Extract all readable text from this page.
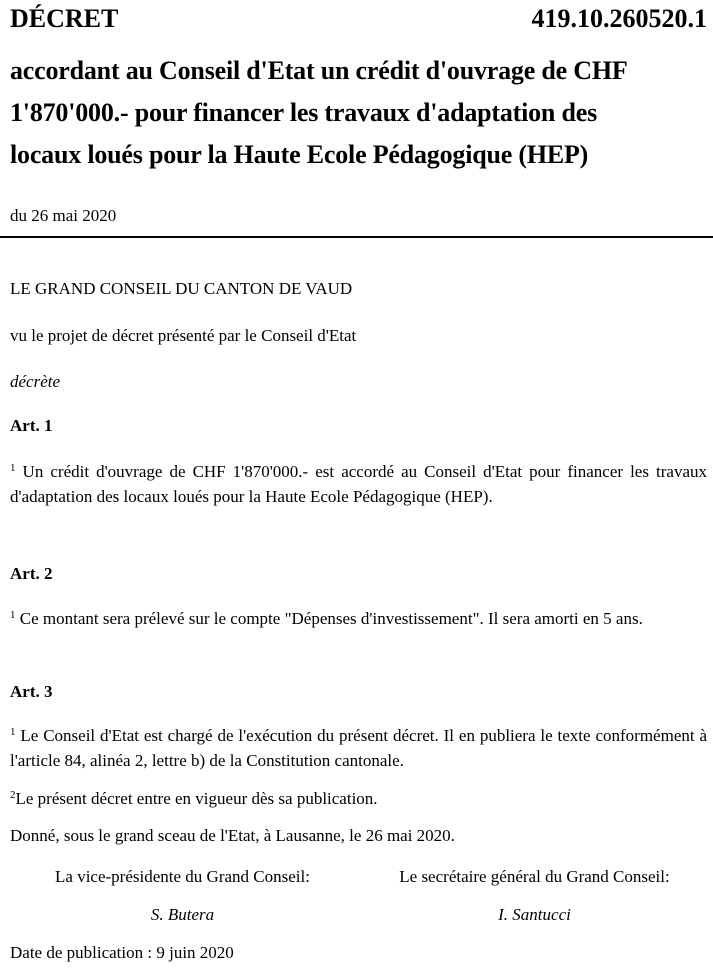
DÉCRET	419.10.260520.1
accordant au Conseil d'Etat un crédit d'ouvrage de CHF
1'870'000.- pour financer les travaux d'adaptation des
locaux loués pour la Haute Ecole Pédagogique (HEP)
du 26 mai 2020
LE GRAND CONSEIL DU CANTON DE VAUD
vu le projet de décret présenté par le Conseil d'Etat
décrète
Art. 1
$^1$ Un crédit d'ouvrage de CHF 1'870'000.- est accordé au Conseil d'Etat pour financer les travaux d'adaptation des locaux loués pour la Haute Ecole Pédagogique (HEP).
Art. 2
$^1$ Ce montant sera prélevé sur le compte "Dépenses d'investissement". Il sera amorti en 5 ans.
Art. 3
$^1$ Le Conseil d'Etat est chargé de l'exécution du présent décret. Il en publiera le texte conformément à l'article 84, alinéa 2, lettre b) de la Constitution cantonale.
$^2$Le présent décret entre en vigueur dès sa publication.
Donné, sous le grand sceau de l'Etat, à Lausanne, le 26 mai 2020.
La vice-présidente du Grand Conseil:	Le secrétaire général du Grand Conseil:
S. Butera	I. Santucci
Date de publication : 9 juin 2020
